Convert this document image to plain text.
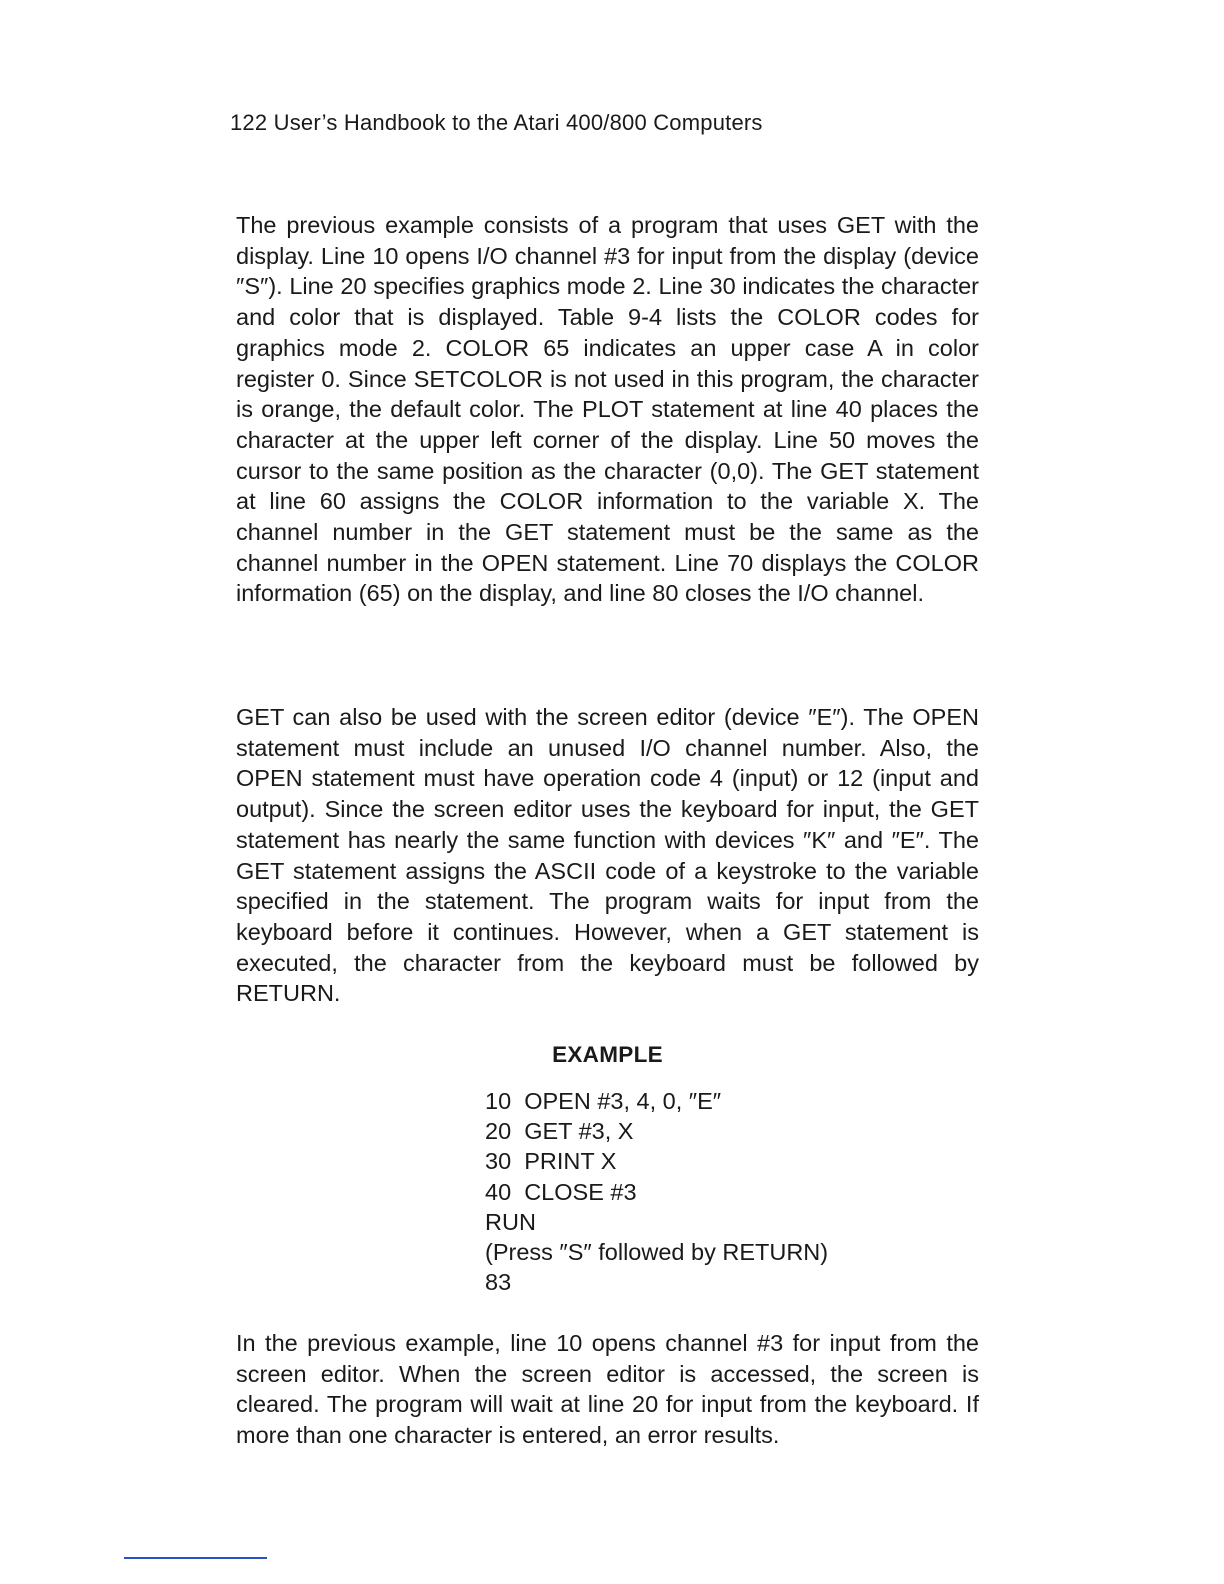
122 User’s Handbook to the Atari 400/800 Computers

The previous example consists of a program that uses GET with the display. Line 10 opens I/O channel #3 for input from the display (device ″S″). Line 20 specifies graphics mode 2. Line 30 indicates the character and color that is displayed. Table 9-4 lists the COLOR codes for graphics mode 2. COLOR 65 indicates an upper case A in color register 0. Since SETCOLOR is not used in this program, the character is orange, the default color. The PLOT statement at line 40 places the character at the upper left corner of the display. Line 50 moves the cursor to the same position as the character (0,0). The GET statement at line 60 assigns the COLOR information to the variable X. The channel number in the GET statement must be the same as the channel number in the OPEN statement. Line 70 displays the COLOR information (65) on the display, and line 80 closes the I/O channel.

GET can also be used with the screen editor (device ″E″). The OPEN statement must include an unused I/O channel number. Also, the OPEN statement must have operation code 4 (input) or 12 (input and output). Since the screen editor uses the keyboard for input, the GET statement has nearly the same function with devices ″K″ and ″E″. The GET statement assigns the ASCII code of a keystroke to the variable specified in the statement. The program waits for input from the keyboard before it continues. However, when a GET statement is executed, the character from the keyboard must be followed by RETURN.

EXAMPLE
10  OPEN #3, 4, 0, ″E″
20  GET #3, X
30  PRINT X
40  CLOSE #3
RUN
(Press ″S″ followed by RETURN)
83

In the previous example, line 10 opens channel #3 for input from the screen editor. When the screen editor is accessed, the screen is cleared. The program will wait at line 20 for input from the keyboard. If more than one character is entered, an error results.
